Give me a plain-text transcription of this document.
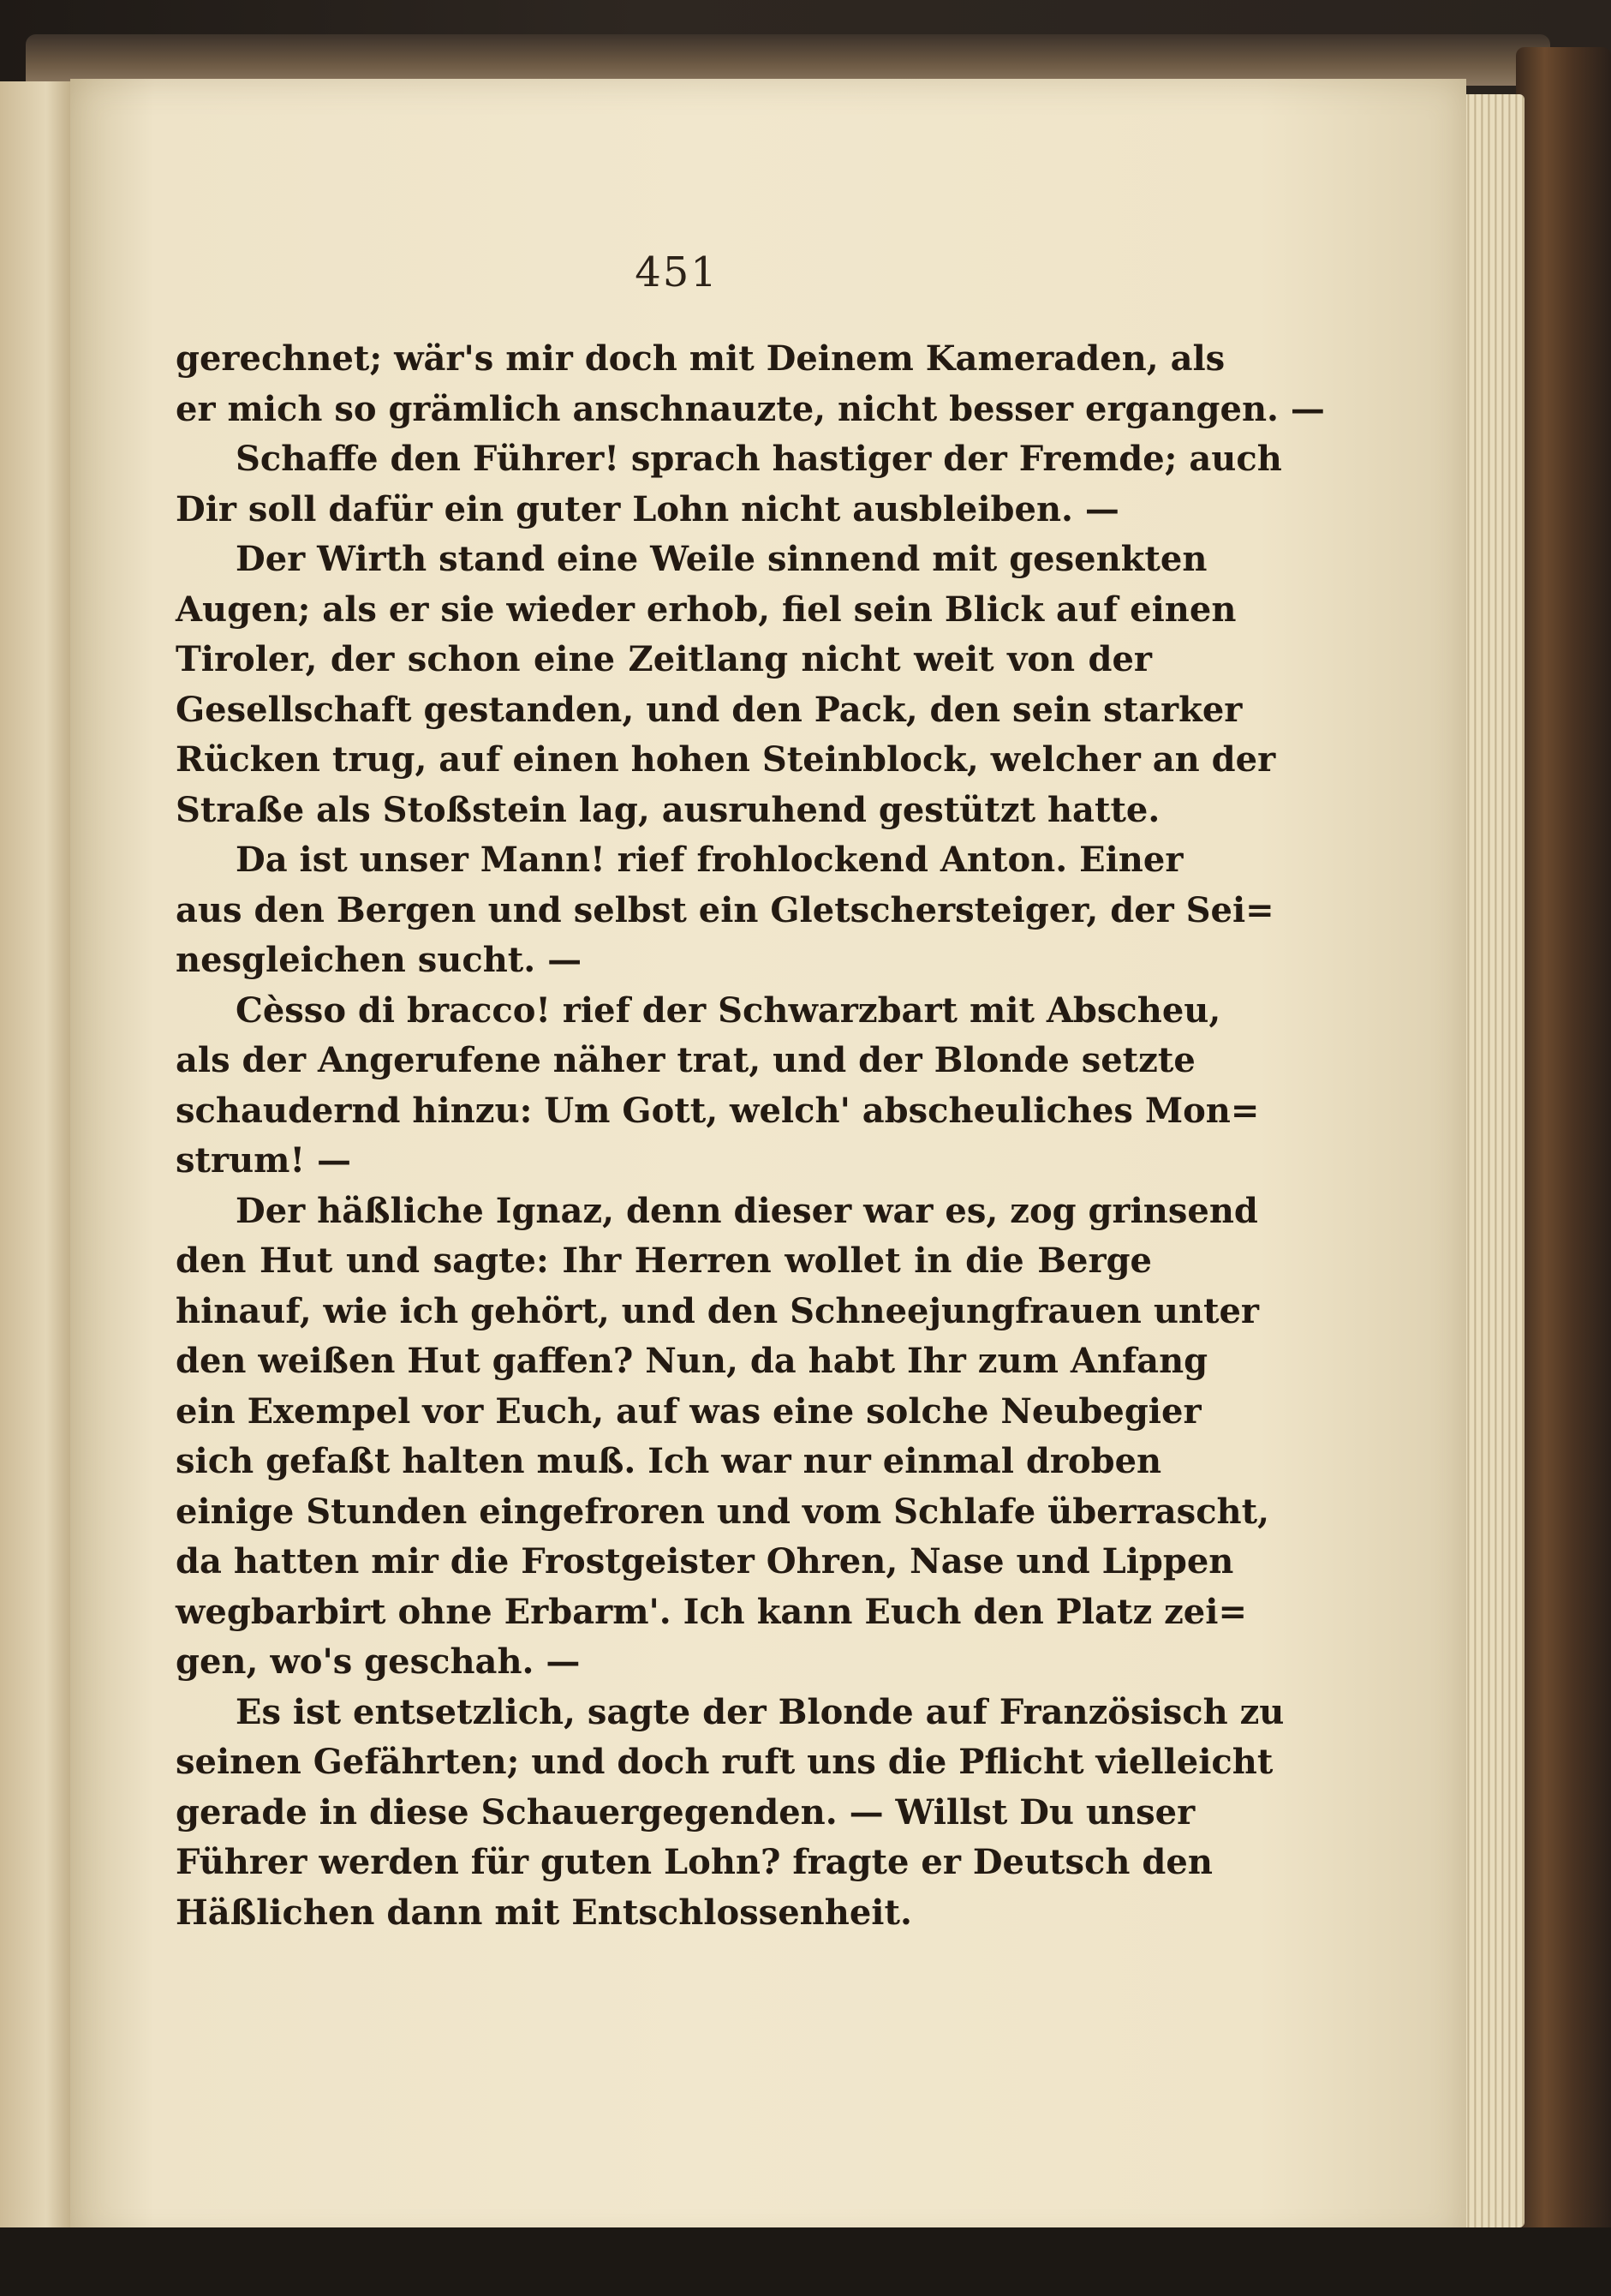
451
gerechnet; wär's mir doch mit Deinem Kameraden, als
er mich so grämlich anschnauzte, nicht besser ergangen. —
Schaffe den Führer! sprach hastiger der Fremde; auch
Dir soll dafür ein guter Lohn nicht ausbleiben. —
Der Wirth stand eine Weile sinnend mit gesenkten
Augen; als er sie wieder erhob, fiel sein Blick auf einen
Tiroler, der schon eine Zeitlang nicht weit von der
Gesellschaft gestanden, und den Pack, den sein starker
Rücken trug, auf einen hohen Steinblock, welcher an der
Straße als Stoßstein lag, ausruhend gestützt hatte.
Da ist unser Mann! rief frohlockend Anton. Einer
aus den Bergen und selbst ein Gletschersteiger, der Sei=
nesgleichen sucht. —
Cèsso di bracco! rief der Schwarzbart mit Abscheu,
als der Angerufene näher trat, und der Blonde setzte
schaudernd hinzu: Um Gott, welch' abscheuliches Mon=
strum! —
Der häßliche Ignaz, denn dieser war es, zog grinsend
den Hut und sagte: Ihr Herren wollet in die Berge
hinauf, wie ich gehört, und den Schneejungfrauen unter
den weißen Hut gaffen? Nun, da habt Ihr zum Anfang
ein Exempel vor Euch, auf was eine solche Neubegier
sich gefaßt halten muß. Ich war nur einmal droben
einige Stunden eingefroren und vom Schlafe überrascht,
da hatten mir die Frostgeister Ohren, Nase und Lippen
wegbarbirt ohne Erbarm'. Ich kann Euch den Platz zei=
gen, wo's geschah. —
Es ist entsetzlich, sagte der Blonde auf Französisch zu
seinen Gefährten; und doch ruft uns die Pflicht vielleicht
gerade in diese Schauergegenden. — Willst Du unser
Führer werden für guten Lohn? fragte er Deutsch den
Häßlichen dann mit Entschlossenheit.
